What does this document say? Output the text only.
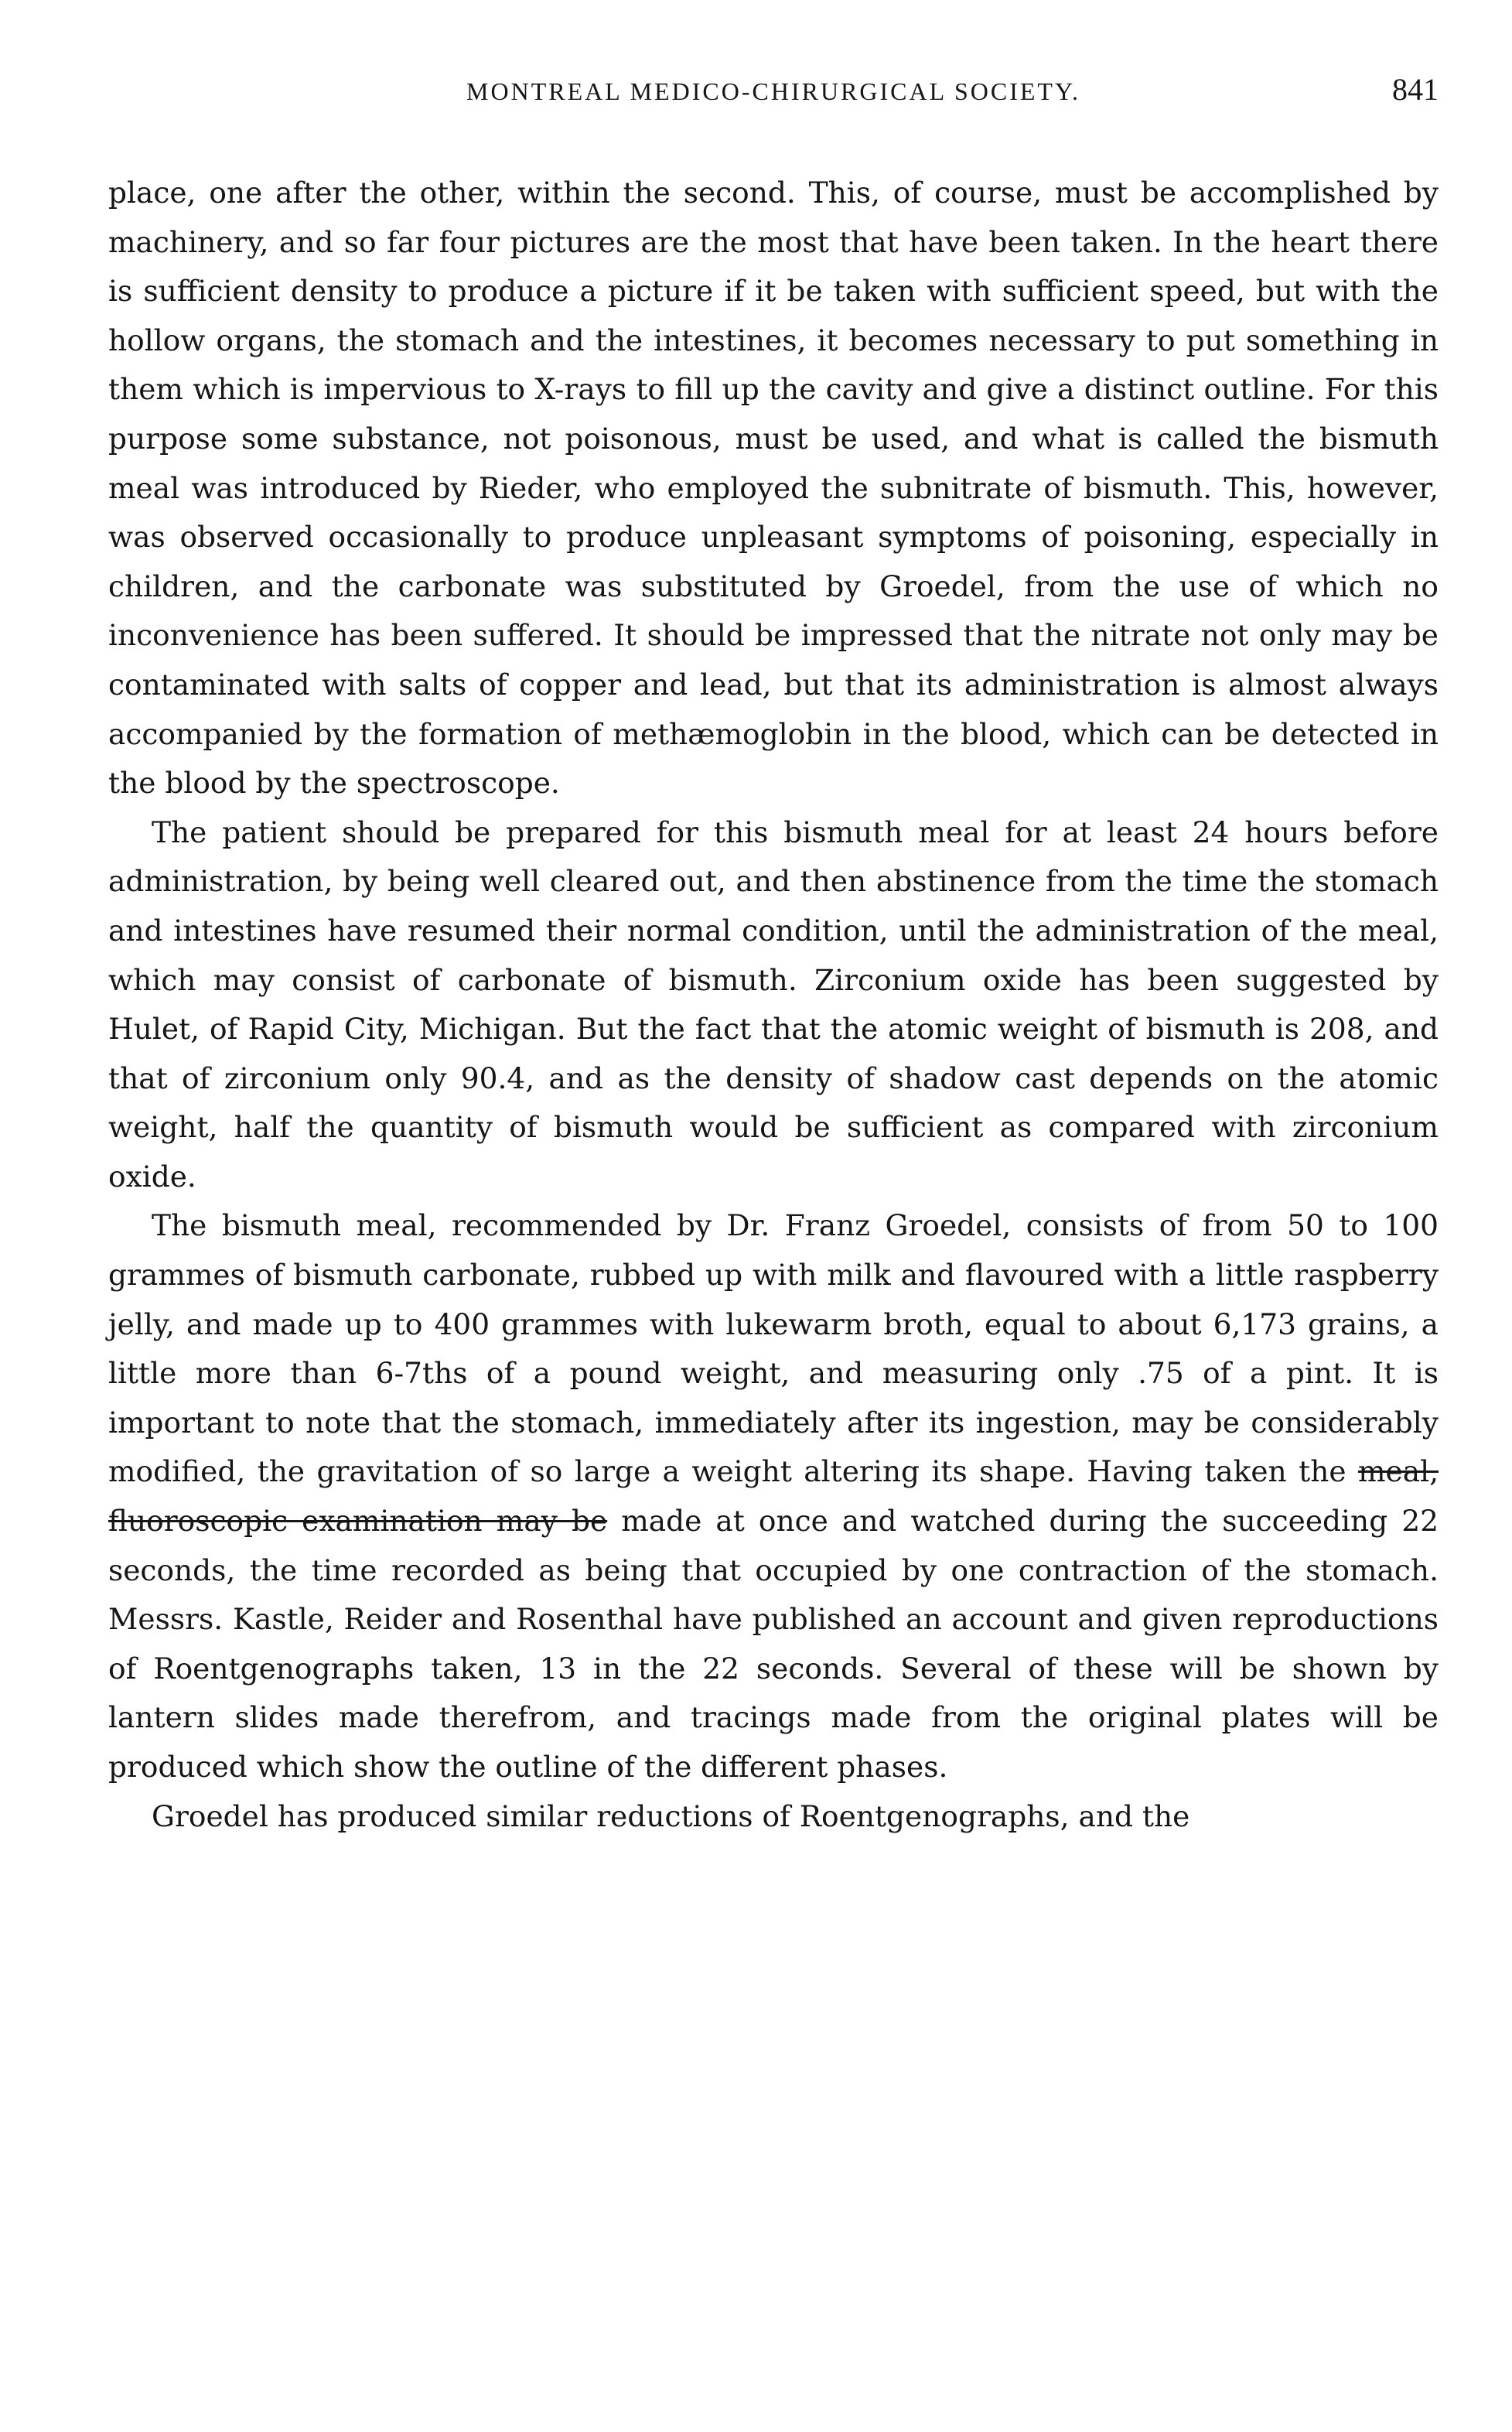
MONTREAL MEDICO-CHIRURGICAL SOCIETY.	841

place, one after the other, within the second. This, of course, must be accomplished by machinery, and so far four pictures are the most that have been taken. In the heart there is sufficient density to produce a picture if it be taken with sufficient speed, but with the hollow organs, the stomach and the intestines, it becomes necessary to put something in them which is impervious to X-rays to fill up the cavity and give a distinct outline. For this purpose some substance, not poisonous, must be used, and what is called the bismuth meal was introduced by Rieder, who employed the subnitrate of bismuth. This, however, was observed occasionally to produce unpleasant symptoms of poisoning, especially in children, and the carbonate was substituted by Groedel, from the use of which no inconvenience has been suffered. It should be impressed that the nitrate not only may be contaminated with salts of copper and lead, but that its administration is almost always accompanied by the formation of methæmoglobin in the blood, which can be detected in the blood by the spectroscope.

The patient should be prepared for this bismuth meal for at least 24 hours before administration, by being well cleared out, and then abstinence from the time the stomach and intestines have resumed their normal condition, until the administration of the meal, which may consist of carbonate of bismuth. Zirconium oxide has been suggested by Hulet, of Rapid City, Michigan. But the fact that the atomic weight of bismuth is 208, and that of zirconium only 90.4, and as the density of shadow cast depends on the atomic weight, half the quantity of bismuth would be sufficient as compared with zirconium oxide.

The bismuth meal, recommended by Dr. Franz Groedel, consists of from 50 to 100 grammes of bismuth carbonate, rubbed up with milk and flavoured with a little raspberry jelly, and made up to 400 grammes with lukewarm broth, equal to about 6,173 grains, a little more than 6-7ths of a pound weight, and measuring only .75 of a pint. It is important to note that the stomach, immediately after its ingestion, may be considerably modified, the gravitation of so large a weight altering its shape. Having taken the meal, fluoroscopic examination may be made at once and watched during the succeeding 22 seconds, the time recorded as being that occupied by one contraction of the stomach. Messrs. Kastle, Reider and Rosenthal have published an account and given reproductions of Roentgenographs taken, 13 in the 22 seconds. Several of these will be shown by lantern slides made therefrom, and tracings made from the original plates will be produced which show the outline of the different phases.

Groedel has produced similar reductions of Roentgenographs, and the
